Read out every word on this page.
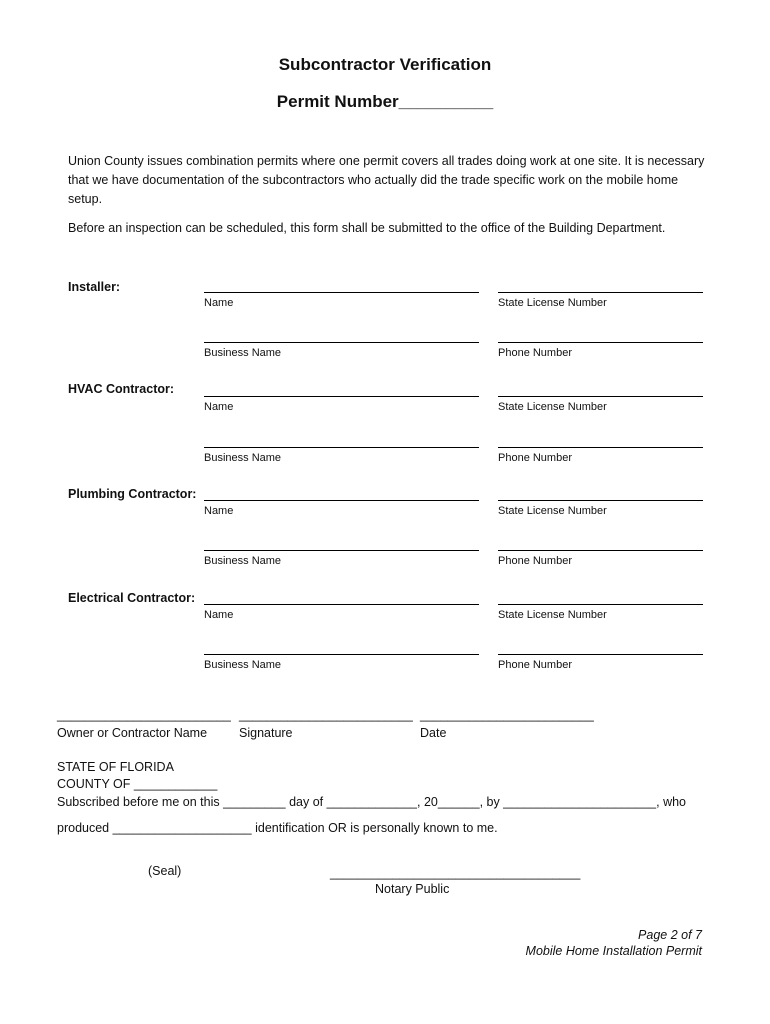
Subcontractor Verification
Permit Number__________
Union County issues combination permits where one permit covers all trades doing work at one site. It is necessary that we have documentation of the subcontractors who actually did the trade specific work on the mobile home setup.
Before an inspection can be scheduled, this form shall be submitted to the office of the Building Department.
Installer:
Name	State License Number
Business Name	Phone Number
HVAC Contractor:
Name	State License Number
Business Name	Phone Number
Plumbing Contractor:
Name	State License Number
Business Name	Phone Number
Electrical Contractor:
Name	State License Number
Business Name	Phone Number
_________________________ _________________________ _________________________
Owner or Contractor Name	Signature	Date
STATE OF FLORIDA
COUNTY OF ____________
Subscribed before me on this _________ day of _____________, 20______, by ______________________, who
produced ____________________ identification OR is personally known to me.
(Seal)	____________________________________
Notary Public
Page 2 of 7
Mobile Home Installation Permit
